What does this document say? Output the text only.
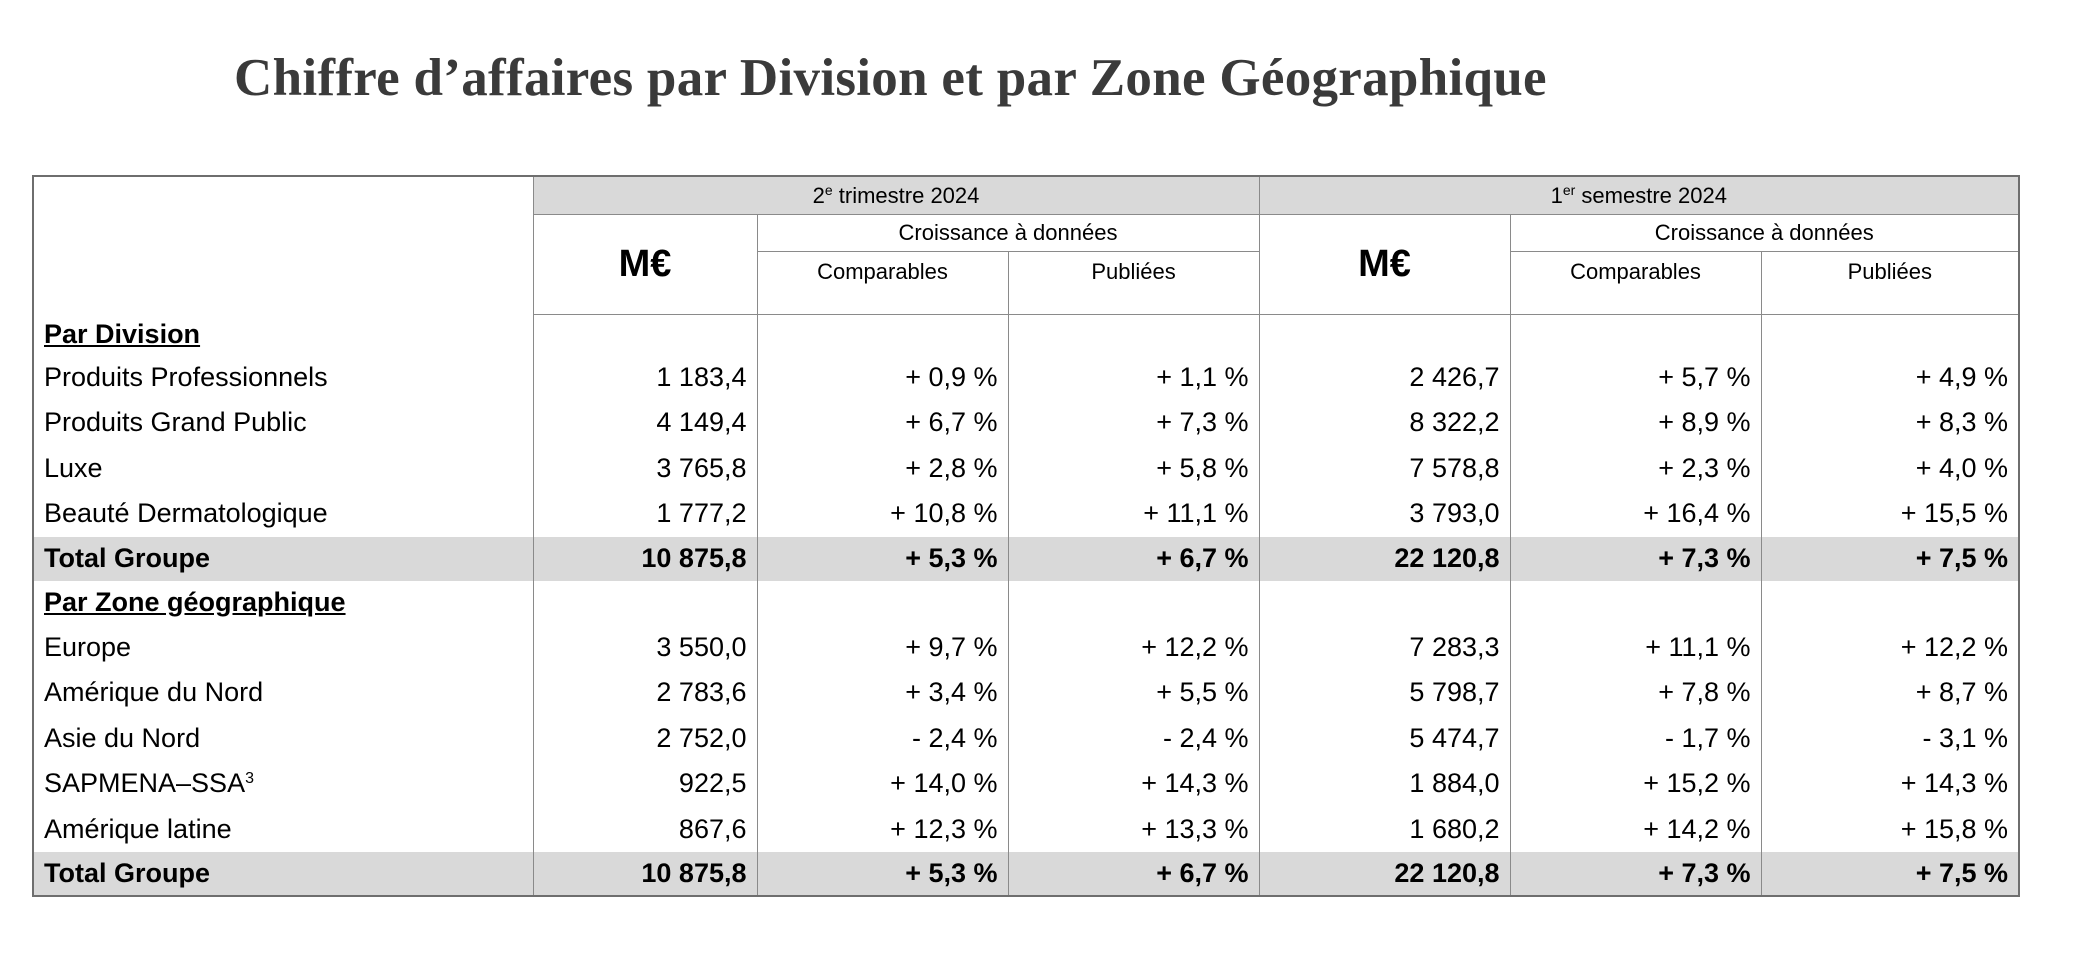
Chiffre d’affaires par Division et par Zone Géographique
	2e trimestre 2024			1er semestre 2024		
	M€	Croissance à données		M€	Croissance à données	
		Comparables	Publiées		Comparables	Publiées
Par Division						
Produits Professionnels	1 183,4	+ 0,9 %	+ 1,1 %	2 426,7	+ 5,7 %	+ 4,9 %
Produits Grand Public	4 149,4	+ 6,7 %	+ 7,3 %	8 322,2	+ 8,9 %	+ 8,3 %
Luxe	3 765,8	+ 2,8 %	+ 5,8 %	7 578,8	+ 2,3 %	+ 4,0 %
Beauté Dermatologique	1 777,2	+ 10,8 %	+ 11,1 %	3 793,0	+ 16,4 %	+ 15,5 %
Total Groupe	10 875,8	+ 5,3 %	+ 6,7 %	22 120,8	+ 7,3 %	+ 7,5 %
Par Zone géographique						
Europe	3 550,0	+ 9,7 %	+ 12,2 %	7 283,3	+ 11,1 %	+ 12,2 %
Amérique du Nord	2 783,6	+ 3,4 %	+ 5,5 %	5 798,7	+ 7,8 %	+ 8,7 %
Asie du Nord	2 752,0	- 2,4 %	- 2,4 %	5 474,7	- 1,7 %	- 3,1 %
SAPMENA–SSA$^3$	922,5	+ 14,0 %	+ 14,3 %	1 884,0	+ 15,2 %	+ 14,3 %
Amérique latine	867,6	+ 12,3 %	+ 13,3 %	1 680,2	+ 14,2 %	+ 15,8 %
Total Groupe	10 875,8	+ 5,3 %	+ 6,7 %	22 120,8	+ 7,3 %	+ 7,5 %
